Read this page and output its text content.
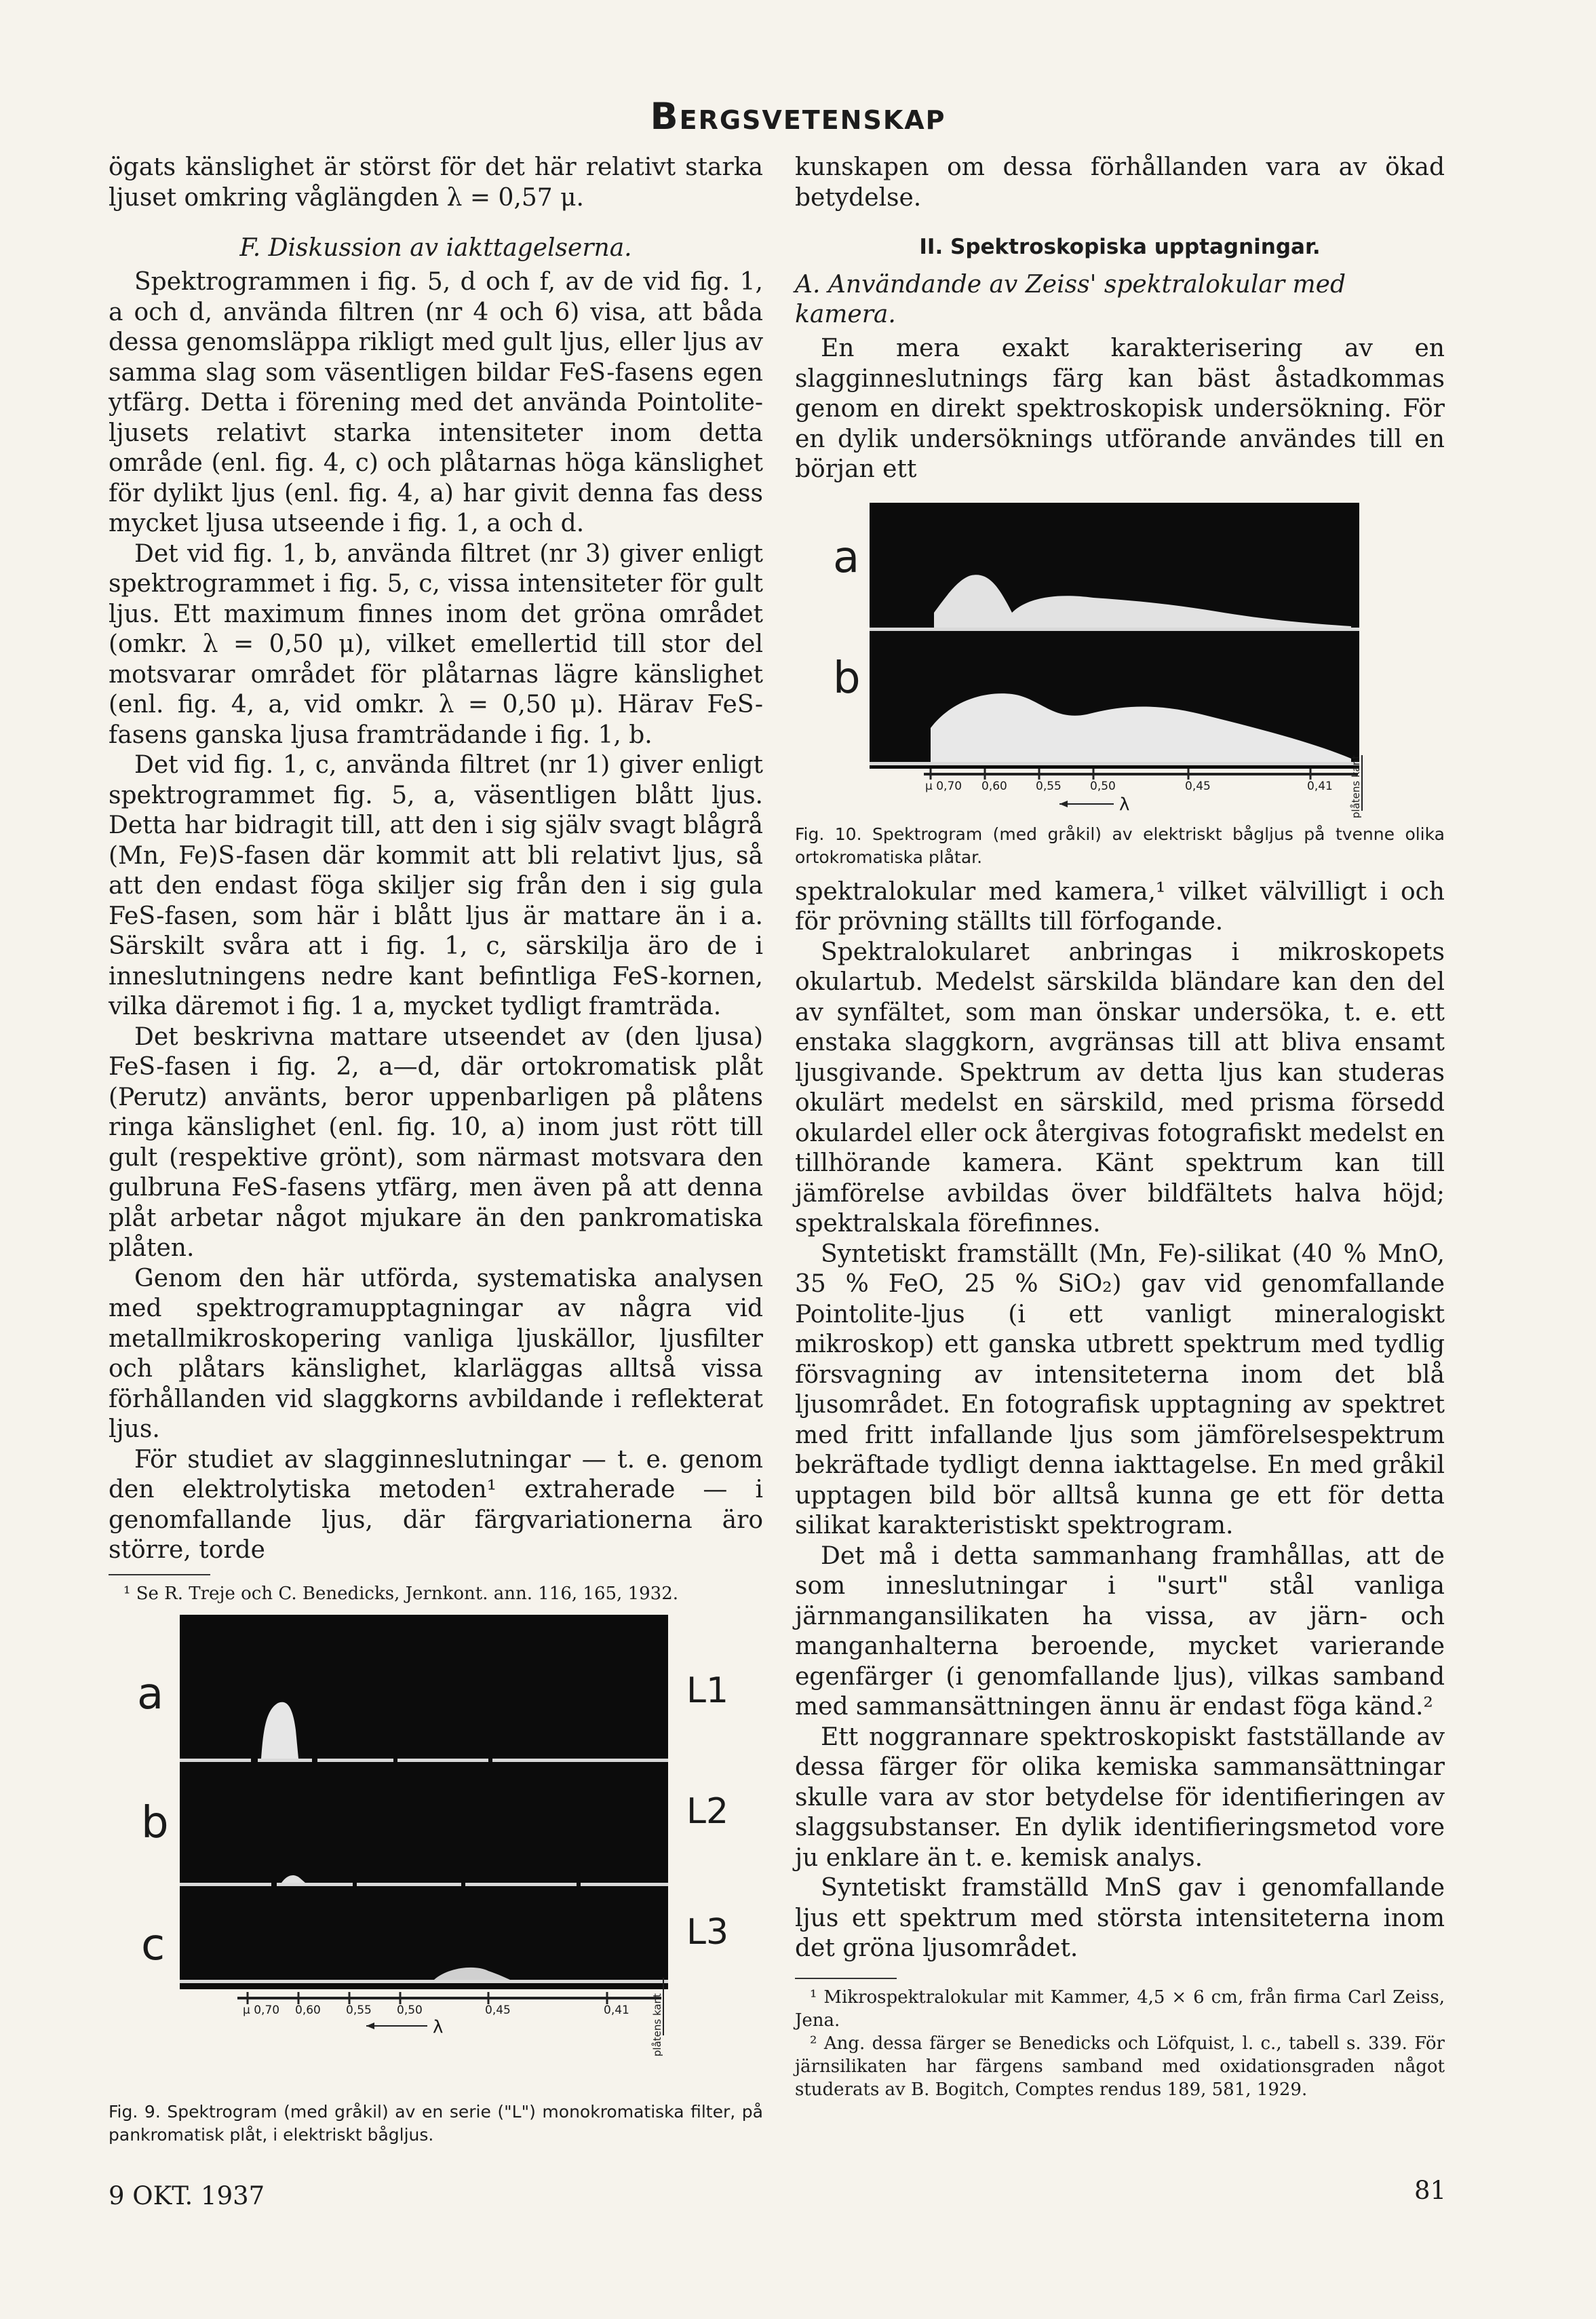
Bergsvetenskap

ögats känslighet är störst för det här relativt starka ljuset omkring våglängden λ = 0,57 μ.

F. Diskussion av iakttagelserna.

Spektrogrammen i fig. 5, d och f, av de vid fig. 1, a och d, använda filtren (nr 4 och 6) visa, att båda dessa genomsläppa rikligt med gult ljus, eller ljus av samma slag som väsentligen bildar FeS-fasens egen ytfärg. Detta i förening med det använda Pointolite-ljusets relativt starka intensiteter inom detta område (enl. fig. 4, c) och plåtarnas höga känslighet för dylikt ljus (enl. fig. 4, a) har givit denna fas dess mycket ljusa utseende i fig. 1, a och d.

Det vid fig. 1, b, använda filtret (nr 3) giver enligt spektrogrammet i fig. 5, c, vissa intensiteter för gult ljus. Ett maximum finnes inom det gröna området (omkr. λ = 0,50 μ), vilket emellertid till stor del motsvarar området för plåtarnas lägre känslighet (enl. fig. 4, a, vid omkr. λ = 0,50 μ). Härav FeS-fasens ganska ljusa framträdande i fig. 1, b.

Det vid fig. 1, c, använda filtret (nr 1) giver enligt spektrogrammet fig. 5, a, väsentligen blått ljus. Detta har bidragit till, att den i sig själv svagt blågrå (Mn, Fe)S-fasen där kommit att bli relativt ljus, så att den endast föga skiljer sig från den i sig gula FeS-fasen, som här i blått ljus är mattare än i a. Särskilt svåra att i fig. 1, c, särskilja äro de i inneslutningens nedre kant befintliga FeS-kornen, vilka däremot i fig. 1 a, mycket tydligt framträda.

Det beskrivna mattare utseendet av (den ljusa) FeS-fasen i fig. 2, a—d, där ortokromatisk plåt (Perutz) använts, beror uppenbarligen på plåtens ringa känslighet (enl. fig. 10, a) inom just rött till gult (respektive grönt), som närmast motsvara den gulbruna FeS-fasens ytfärg, men även på att denna plåt arbetar något mjukare än den pankromatiska plåten.

Genom den här utförda, systematiska analysen med spektrogramupptagningar av några vid metallmikroskopering vanliga ljuskällor, ljusfilter och plåtars känslighet, klarläggas alltså vissa förhållanden vid slaggkorns avbildande i reflekterat ljus.

För studiet av slagginneslutningar — t. e. genom den elektrolytiska metoden¹ extraherade — i genomfallande ljus, där färgvariationerna äro större, torde

¹ Se R. Treje och C. Benedicks, Jernkont. ann. 116, 165, 1932.

a
b
c
L1
L2
L3
μ 0,70 0,60 0,55 0,50	0,45	0,41
λ	plåtens kant

Fig. 9. Spektrogram (med gråkil) av en serie ("L") monokromatiska filter, på pankromatisk plåt, i elektriskt bågljus.

kunskapen om dessa förhållanden vara av ökad betydelse.

II. Spektroskopiska upptagningar.
A. Användande av Zeiss' spektralokular med kamera.

En mera exakt karakterisering av en slagginneslutnings färg kan bäst åstadkommas genom en direkt spektroskopisk undersökning. För en dylik undersöknings utförande användes till en början ett

a
b
μ 0,70 0,60 0,55 0,50	0,45	0,41
λ	plåtens kant

Fig. 10. Spektrogram (med gråkil) av elektriskt bågljus på tvenne olika ortokromatiska plåtar.

spektralokular med kamera,¹ vilket välvilligt i och för prövning ställts till förfogande.

Spektralokularet anbringas i mikroskopets okulartub. Medelst särskilda bländare kan den del av synfältet, som man önskar undersöka, t. e. ett enstaka slaggkorn, avgränsas till att bliva ensamt ljusgivande. Spektrum av detta ljus kan studeras okulärt medelst en särskild, med prisma försedd okulardel eller ock återgivas fotografiskt medelst en tillhörande kamera. Känt spektrum kan till jämförelse avbildas över bildfältets halva höjd; spektralskala förefinnes.

Syntetiskt framställt (Mn, Fe)-silikat (40 % MnO, 35 % FeO, 25 % SiO₂) gav vid genomfallande Pointolite-ljus (i ett vanligt mineralogiskt mikroskop) ett ganska utbrett spektrum med tydlig försvagning av intensiteterna inom det blå ljusområdet. En fotografisk upptagning av spektret med fritt infallande ljus som jämförelsespektrum bekräftade tydligt denna iakttagelse. En med gråkil upptagen bild bör alltså kunna ge ett för detta silikat karakteristiskt spektrogram.

Det må i detta sammanhang framhållas, att de som inneslutningar i "surt" stål vanliga järnmangansilikaten ha vissa, av järn- och manganhalterna beroende, mycket varierande egenfärger (i genomfallande ljus), vilkas samband med sammansättningen ännu är endast föga känd.²

Ett noggrannare spektroskopiskt fastställande av dessa färger för olika kemiska sammansättningar skulle vara av stor betydelse för identifieringen av slaggsubstanser. En dylik identifieringsmetod vore ju enklare än t. e. kemisk analys.

Syntetiskt framställd MnS gav i genomfallande ljus ett spektrum med största intensiteterna inom det gröna ljusområdet.

¹ Mikrospektralokular mit Kammer, 4,5 × 6 cm, från firma Carl Zeiss, Jena.

² Ang. dessa färger se Benedicks och Löfquist, l. c., tabell s. 339. För järnsilikaten har färgens samband med oxidationsgraden något studerats av B. Bogitch, Comptes rendus 189, 581, 1929.

9 OKT. 1937	81
